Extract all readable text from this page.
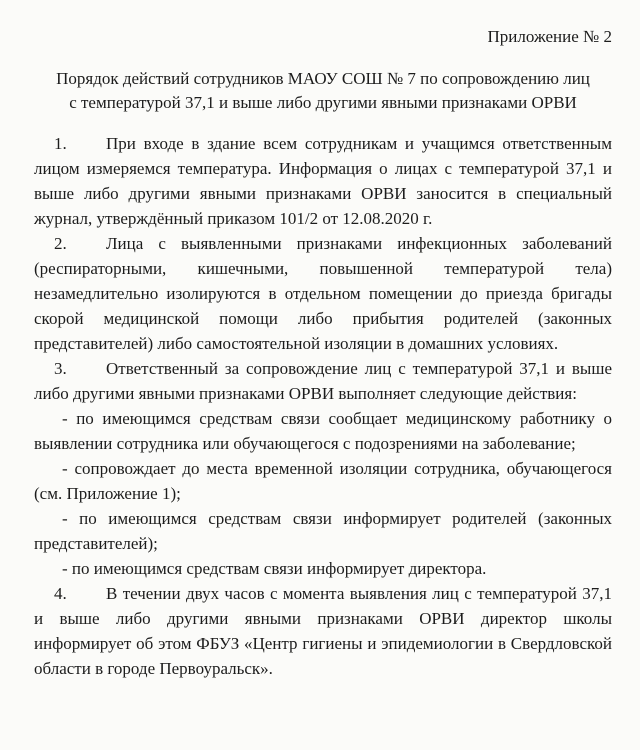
Приложение № 2

Порядок действий сотрудников МАОУ СОШ № 7 по сопровождению лиц
с температурой 37,1 и выше либо другими явными признаками ОРВИ

1. При входе в здание всем сотрудникам и учащимся ответственным лицом измеряемся температура. Информация о лицах с температурой 37,1 и выше либо другими явными признаками ОРВИ заносится в специальный журнал, утверждённый приказом 101/2 от 12.08.2020 г.

2. Лица с выявленными признаками инфекционных заболеваний (респираторными, кишечными, повышенной температурой тела) незамедлительно изолируются в отдельном помещении до приезда бригады скорой медицинской помощи либо прибытия родителей (законных представителей) либо самостоятельной изоляции в домашних условиях.

3. Ответственный за сопровождение лиц с температурой 37,1 и выше либо другими явными признаками ОРВИ выполняет следующие действия:

- по имеющимся средствам связи сообщает медицинскому работнику о выявлении сотрудника или обучающегося с подозрениями на заболевание;

- сопровождает до места временной изоляции сотрудника, обучающегося (см. Приложение 1);

- по имеющимся средствам связи информирует родителей (законных представителей);

- по имеющимся средствам связи информирует директора.

4. В течении двух часов с момента выявления лиц с температурой 37,1 и выше либо другими явными признаками ОРВИ директор школы информирует об этом ФБУЗ «Центр гигиены и эпидемиологии в Свердловской области в городе Первоуральск».
